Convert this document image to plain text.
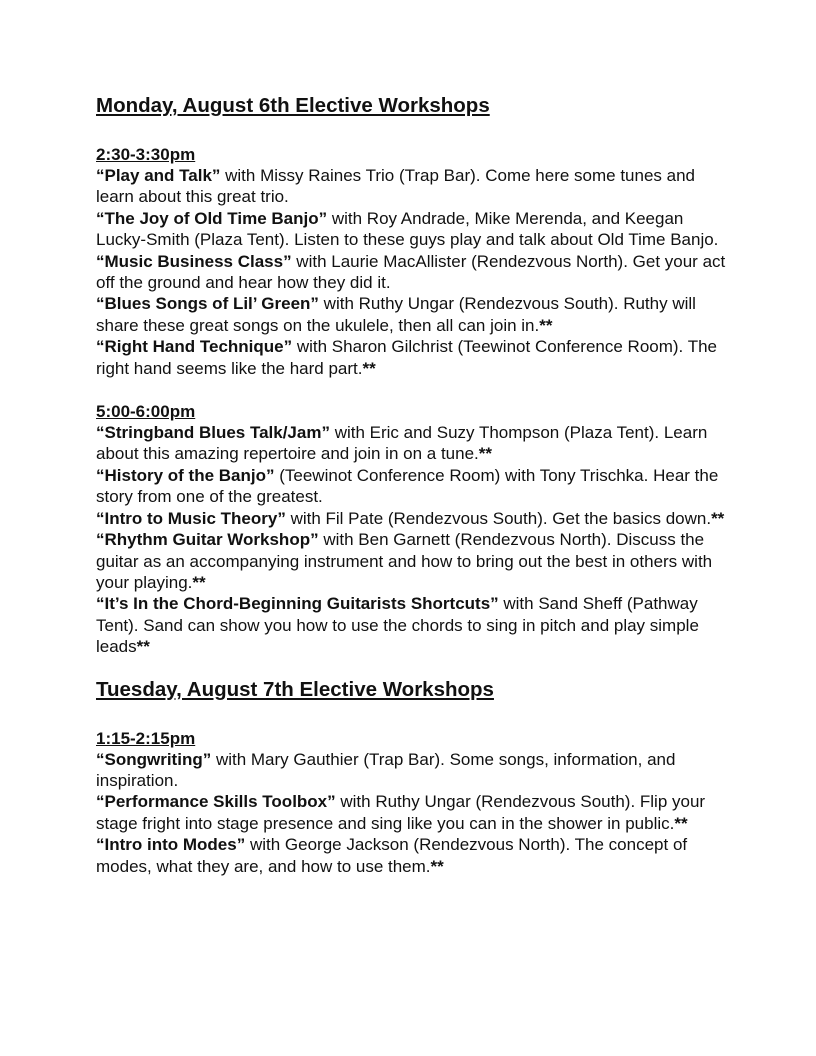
Monday, August 6th Elective Workshops

2:30-3:30pm

“Play and Talk” with Missy Raines Trio (Trap Bar). Come here some tunes and learn about this great trio.

“The Joy of Old Time Banjo” with Roy Andrade, Mike Merenda, and Keegan Lucky-Smith (Plaza Tent). Listen to these guys play and talk about Old Time Banjo.

“Music Business Class” with Laurie MacAllister (Rendezvous North). Get your act off the ground and hear how they did it.

“Blues Songs of Lil’ Green” with Ruthy Ungar (Rendezvous South). Ruthy will share these great songs on the ukulele, then all can join in.**

“Right Hand Technique” with Sharon Gilchrist (Teewinot Conference Room). The right hand seems like the hard part.**

5:00-6:00pm

“Stringband Blues Talk/Jam” with Eric and Suzy Thompson (Plaza Tent). Learn about this amazing repertoire and join in on a tune.**

“History of the Banjo” (Teewinot Conference Room) with Tony Trischka. Hear the story from one of the greatest.

“Intro to Music Theory” with Fil Pate (Rendezvous South). Get the basics down.**

“Rhythm Guitar Workshop” with Ben Garnett (Rendezvous North). Discuss the guitar as an accompanying instrument and how to bring out the best in others with your playing.**

“It’s In the Chord-Beginning Guitarists Shortcuts” with Sand Sheff (Pathway Tent). Sand can show you how to use the chords to sing in pitch and play simple leads**

Tuesday, August 7th Elective Workshops

1:15-2:15pm

“Songwriting” with Mary Gauthier (Trap Bar). Some songs, information, and inspiration.

“Performance Skills Toolbox” with Ruthy Ungar (Rendezvous South). Flip your stage fright into stage presence and sing like you can in the shower in public.**

“Intro into Modes” with George Jackson (Rendezvous North). The concept of modes, what they are, and how to use them.**
